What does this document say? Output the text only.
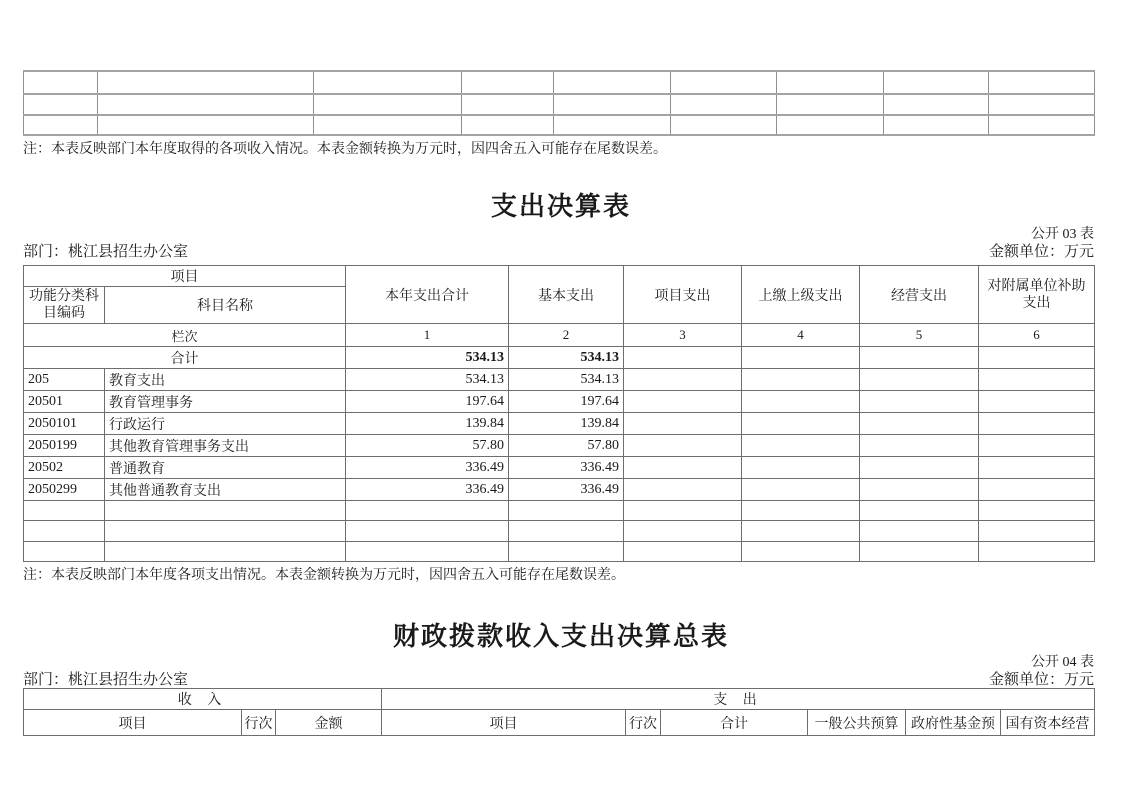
注：本表反映部门本年度取得的各项收入情况。本表金额转换为万元时，因四舍五入可能存在尾数误差。
支出决算表
公开 03 表
部门：桃江县招生办公室	金额单位：万元
项目		本年支出合计	基本支出	项目支出	上缴上级支出	经营支出	对附属单位补助支出
功能分类科目编码	科目名称						
栏次		1	2	3	4	5	6
合计		534.13	534.13				
205	教育支出	534.13	534.13				
20501	教育管理事务	197.64	197.64				
2050101	行政运行	139.84	139.84				
2050199	其他教育管理事务支出	57.80	57.80				
20502	普通教育	336.49	336.49				
2050299	其他普通教育支出	336.49	336.49				

注：本表反映部门本年度各项支出情况。本表金额转换为万元时，因四舍五入可能存在尾数误差。
财政拨款收入支出决算总表
公开 04 表
部门：桃江县招生办公室	金额单位：万元
收 入			支 出					
项目	行次	金额	项目	行次	合计	一般公共预算	政府性基金预	国有资本经营
